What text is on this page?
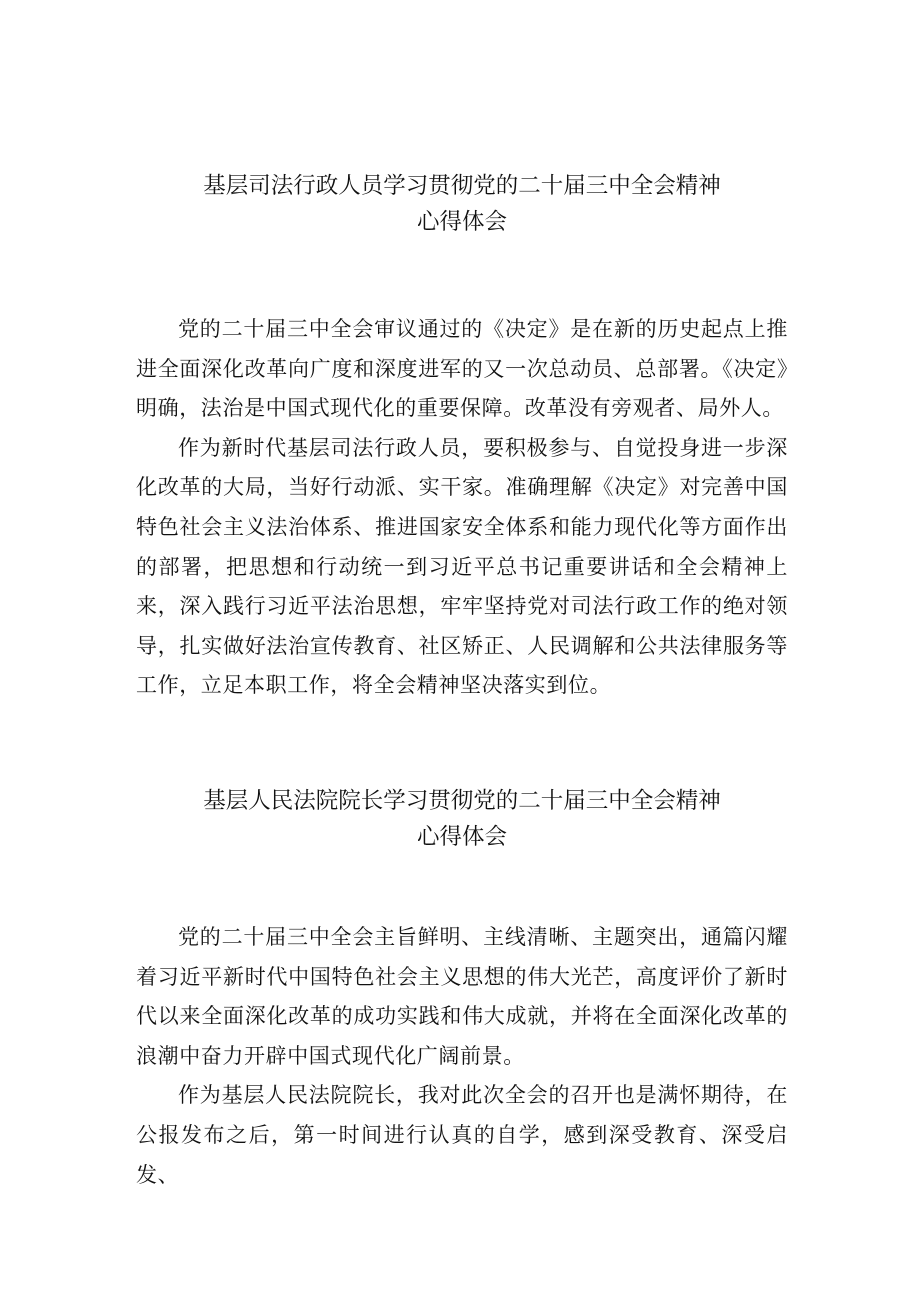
基层司法行政人员学习贯彻党的二十届三中全会精神
心得体会

党的二十届三中全会审议通过的《决定》是在新的历史起点上推进全面深化改革向广度和深度进军的又一次总动员、总部署。《决定》明确，法治是中国式现代化的重要保障。改革没有旁观者、局外人。

作为新时代基层司法行政人员，要积极参与、自觉投身进一步深化改革的大局，当好行动派、实干家。准确理解《决定》对完善中国特色社会主义法治体系、推进国家安全体系和能力现代化等方面作出的部署，把思想和行动统一到习近平总书记重要讲话和全会精神上来，深入践行习近平法治思想，牢牢坚持党对司法行政工作的绝对领导，扎实做好法治宣传教育、社区矫正、人民调解和公共法律服务等工作，立足本职工作，将全会精神坚决落实到位。

基层人民法院院长学习贯彻党的二十届三中全会精神
心得体会

党的二十届三中全会主旨鲜明、主线清晰、主题突出，通篇闪耀着习近平新时代中国特色社会主义思想的伟大光芒，高度评价了新时代以来全面深化改革的成功实践和伟大成就，并将在全面深化改革的浪潮中奋力开辟中国式现代化广阔前景。

作为基层人民法院院长，我对此次全会的召开也是满怀期待，在公报发布之后，第一时间进行认真的自学，感到深受教育、深受启发、
